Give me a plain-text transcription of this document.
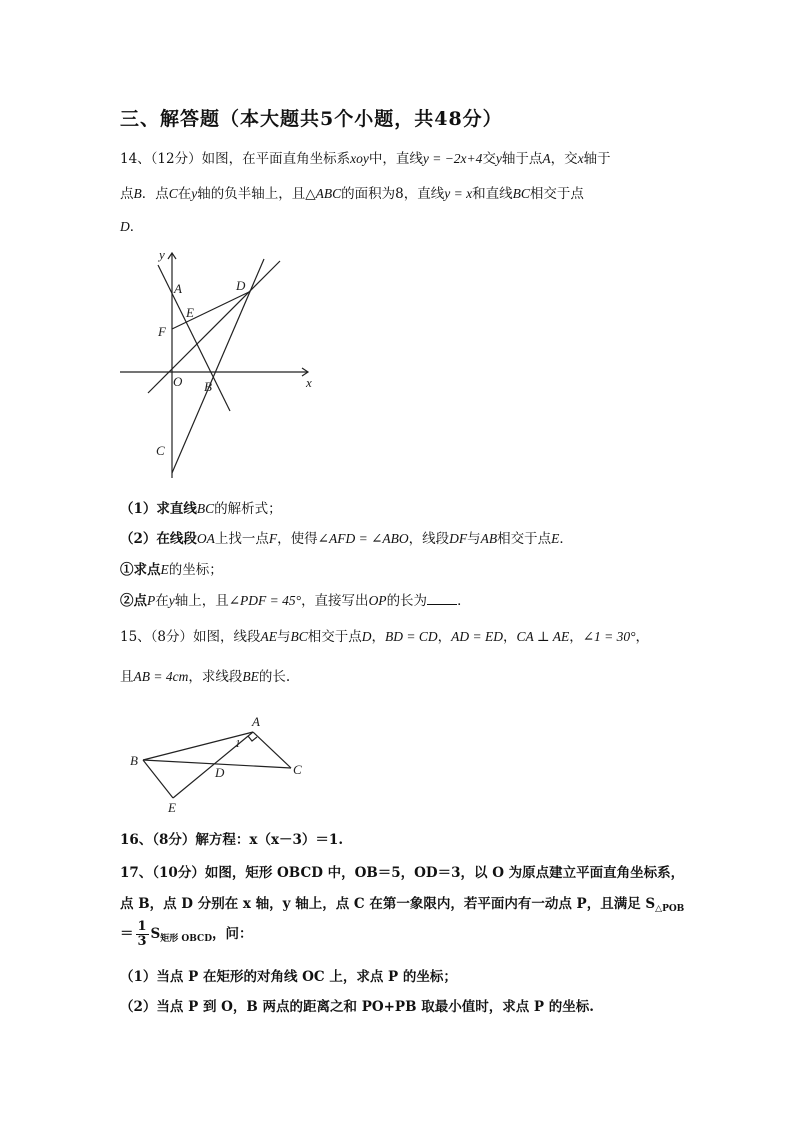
三、解答题（本大题共5个小题，共48分）
14、（12分）如图，在平面直角坐标系xoy中，直线y = −2x+4交y轴于点A，交x轴于
点B．点C在y轴的负半轴上，且△ABC的面积为8，直线y = x和直线BC相交于点
D．
y
x
A	D
E
F
O B
C
（1）求直线BC的解析式；
（2）在线段OA上找一点F，使得∠AFD = ∠ABO，线段DF与AB相交于点E．
①求点E的坐标；
②点P在y轴上，且∠PDF = 45°，直接写出OP的长为 ．
15、（8分）如图，线段AE与BC相交于点D，BD = CD，AD = ED，CA ⊥ AE，∠1 = 30°，
且AB = 4cm，求线段BE的长.
A
B
C
D
E
1
16、（8分）解方程：x（x－3）＝1.
17、（10分）如图，矩形 OBCD 中，OB＝5，OD＝3，以 O 为原点建立平面直角坐标系，
点 B，点 D 分别在 x 轴，y 轴上，点 C 在第一象限内，若平面内有一动点 P，且满足 $S_{\triangle POB}$
＝ $\frac{1}{3} S_{矩形 OBCD}$，问：
（1）当点 P 在矩形的对角线 OC 上，求点 P 的坐标；
（2）当点 P 到 O，B 两点的距离之和 PO+PB 取最小值时，求点 P 的坐标.
